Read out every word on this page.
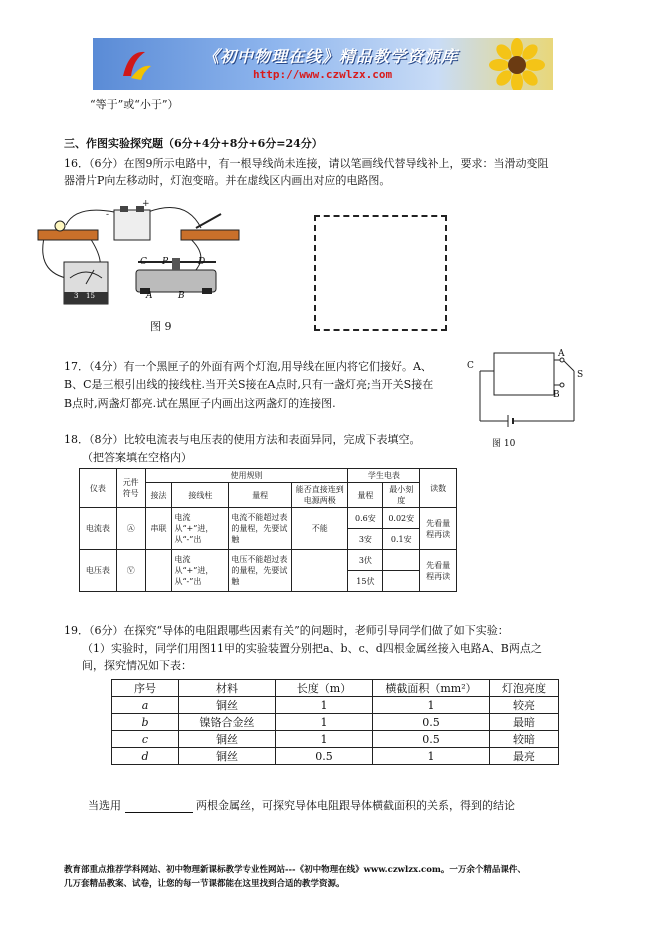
《初中物理在线》精品教学资源库
http://www.czwlzx.com
“等于”或“小于”）
三、作图实验探究题（6分+4分+8分+6分=24分）
16．（6分）在图9所示电路中，有一根导线尚未连接，请以笔画线代替导线补上，要求：当滑动变阻
器滑片P向左移动时，灯泡变暗。并在虚线区内画出对应的电路图。
-
+
C P	D
A	B
3 15
图 9
17．（4分）有一个黑匣子的外面有两个灯泡,用导线在匣内将它们接好。A、
B、C是三根引出线的接线柱.当开关S接在A点时,只有一盏灯亮;当开关S接在
B点时,两盏灯都亮.试在黑匣子内画出这两盏灯的连接图.
C
A
B
S
图 10
18．（8分）比较电流表与电压表的使用方法和表面异同，完成下表填空。
（把答案填在空格内）
仪表	元件符号	使用规则				学生电表		读数
		接法	接线柱	量程	能否直接连到电源两极	量程	最小刻度	
电流表	Ⓐ	串联	电流从“+”进，从“-”出	电流不能超过表的量程，先要试触	不能	0.6安	0.02安	先看量程再读
						3安	0.1安	
电压表	Ⓥ		电流从“+”进，从“-”出	电压不能超过表的量程，先要试触		3伏		先看量程再读
						15伏		
19．（6分）在探究“导体的电阻跟哪些因素有关”的问题时，老师引导同学们做了如下实验：
（1）实验时，同学们用图11甲的实验装置分别把a、b、c、d四根金属丝接入电路A、B两点之
间，探究情况如下表：
序号	材料	长度（m）	横截面积（mm²）	灯泡亮度
a	铜丝	1	1	较亮
b	镍铬合金丝	1	0.5	最暗
c	铜丝	1	0.5	较暗
d	铜丝	0.5	1	最亮
当选用	两根金属丝，可探究导体电阻跟导体横截面积的关系，得到的结论
教育部重点推荐学科网站、初中物理新课标教学专业性网站---《初中物理在线》www.czwlzx.com。一万余个精品课件、
几万套精品教案、试卷，让您的每一节课都能在这里找到合适的教学资源。
